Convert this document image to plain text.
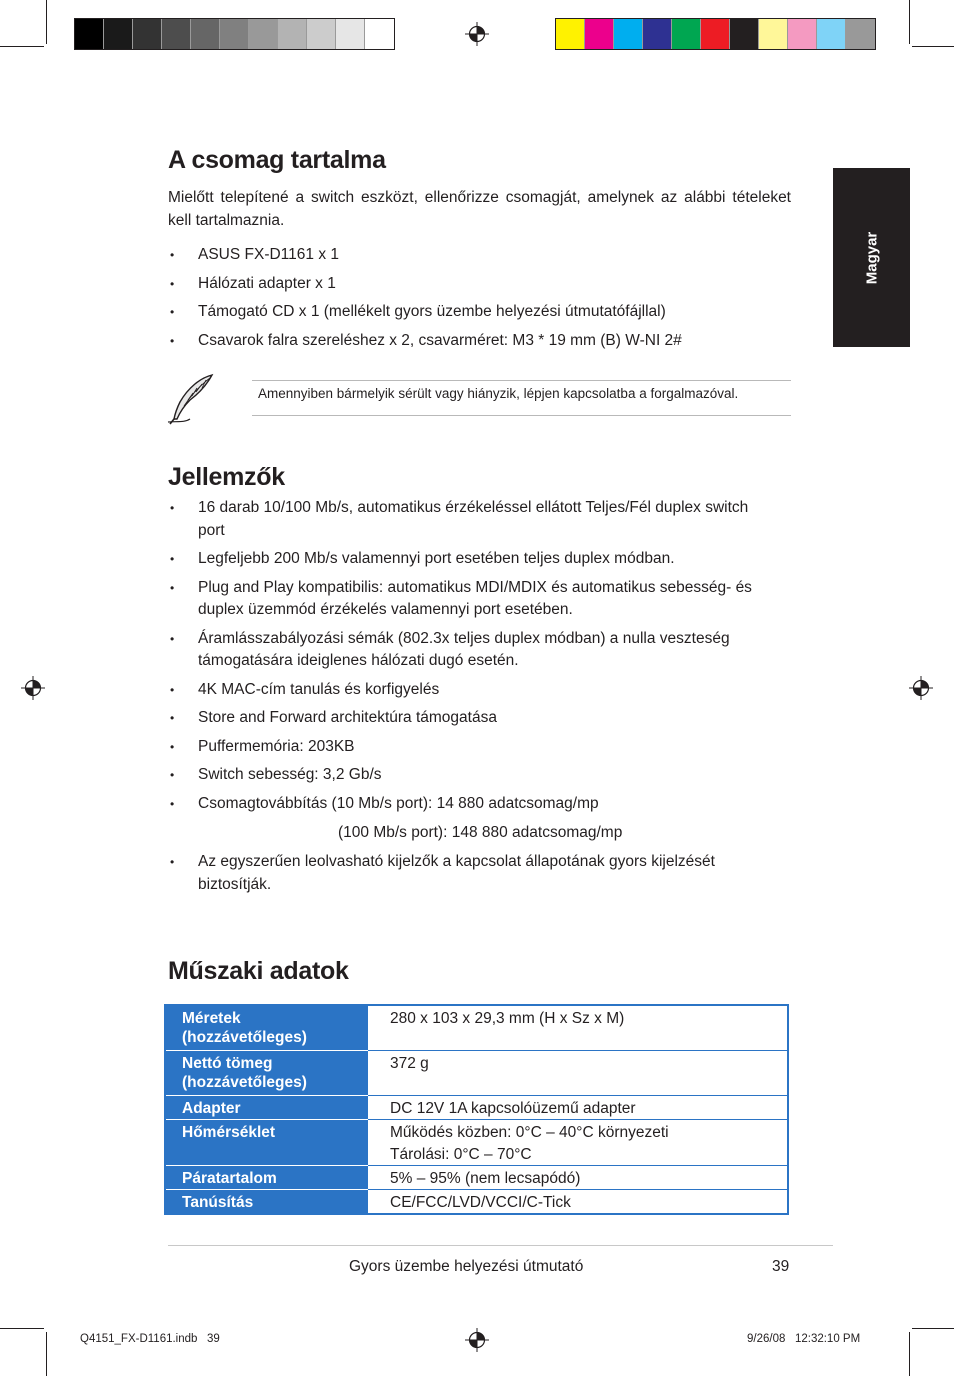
Magyar
A csomag tartalma

Mielőtt telepítené a switch eszközt, ellenőrizze csomagját, amelynek az alábbi tételeket kell tartalmaznia.

• ASUS FX-D1161 x 1
• Hálózati adapter x 1
• Támogató CD x 1 (mellékelt gyors üzembe helyezési útmutatófájllal)
• Csavarok falra szereléshez x 2, csavarméret: M3 * 19 mm (B) W-NI 2#
Amennyiben bármelyik sérült vagy hiányzik, lépjen kapcsolatba a forgalmazóval.
Jellemzők
• 16 darab 10/100 Mb/s, automatikus érzékeléssel ellátott Teljes/Fél duplex switch port
• Legfeljebb 200 Mb/s valamennyi port esetében teljes duplex módban.
• Plug and Play kompatibilis: automatikus MDI/MDIX és automatikus sebesség- és duplex üzemmód érzékelés valamennyi port esetében.
• Áramlásszabályozási sémák (802.3x teljes duplex módban) a nulla veszteség támogatására ideiglenes hálózati dugó esetén.
• 4K MAC-cím tanulás és korfigyelés
• Store and Forward architektúra támogatása
• Puffermemória: 203KB
• Switch sebesség: 3,2 Gb/s
• Csomagtovábbítás (10 Mb/s port): 14 880 adatcsomag/mp
(100 Mb/s port): 148 880 adatcsomag/mp
• Az egyszerűen leolvasható kijelzők a kapcsolat állapotának gyors kijelzését biztosítják.
Műszaki adatok
Méretek (hozzávetőleges)	280 x 103 x 29,3 mm (H x Sz x M)
Nettó tömeg (hozzávetőleges)	372 g
Adapter	DC 12V 1A kapcsolóüzemű adapter
Hőmérséklet	Működés közben: 0°C – 40°C környezeti
Tárolási: 0°C – 70°C

Páratartalom	5% – 95% (nem lecsapódó)
Tanúsítás	CE/FCC/LVD/VCCI/C-Tick
Gyors üzembe helyezési útmutató	39
Q4151_FX-D1161.indb   39	9/26/08   12:32:10 PM
